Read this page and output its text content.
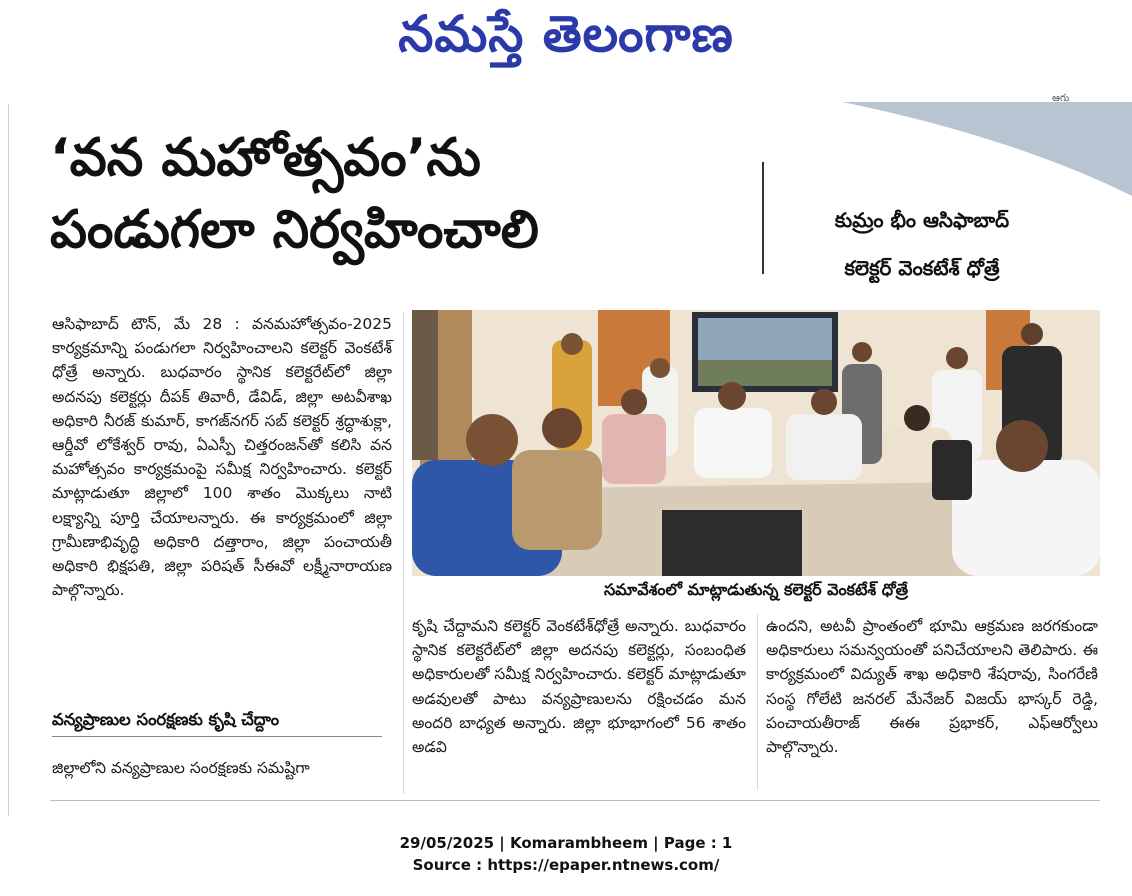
నమస్తే తెలంగాణ
ఆగు
‘వన మహోత్సవం’ను
పండుగలా నిర్వహించాలి	కుమ్రం భీం ఆసిఫాబాద్
కలెక్టర్ వెంకటేశ్ ధోత్రే
ఆసిఫాబాద్ టౌన్, మే 28 : వనమహోత్సవం-2025 కార్యక్రమాన్ని పండుగలా నిర్వహించాలని కలెక్టర్ వెంకటేశ్ ధోత్రే అన్నారు. బుధవారం స్థానిక కలెక్టరేట్‌లో జిల్లా అదనపు కలెక్టర్లు దీపక్ తివారీ, డేవిడ్, జిల్లా అటవీశాఖ అధికారి నీరజ్ కుమార్, కాగజ్‌నగర్ సబ్ కలెక్టర్ శ్రద్ధాశుక్లా, ఆర్డీవో లోకేశ్వర్ రావు, ఏఎస్పీ చిత్తరంజన్‌తో కలిసి వన మహోత్సవం కార్యక్రమంపై సమీక్ష నిర్వహించారు. కలెక్టర్ మాట్లాడుతూ జిల్లాలో 100 శాతం మొక్కలు నాటి లక్ష్యాన్ని పూర్తి చేయాలన్నారు. ఈ కార్యక్రమంలో జిల్లా గ్రామీణాభివృద్ధి అధికారి దత్తారాం, జిల్లా పంచాయతీ అధికారి భిక్షపతి, జిల్లా పరిషత్ సీఈవో లక్ష్మీనారాయణ పాల్గొన్నారు.
వన్యప్రాణుల సంరక్షణకు కృషి చేద్దాం
జిల్లాలోని వన్యప్రాణుల సంరక్షణకు సమష్టిగా
సమావేశంలో మాట్లాడుతున్న కలెక్టర్ వెంకటేశ్ ధోత్రే
కృషి చేద్దామని కలెక్టర్ వెంకటేశ్‌ధోత్రే అన్నారు. బుధవారం స్థానిక కలెక్టరేట్‌లో జిల్లా అదనపు కలెక్టర్లు, సంబంధిత అధికారులతో సమీక్ష నిర్వహించారు. కలెక్టర్ మాట్లాడుతూ అడవులతో పాటు వన్యప్రాణులను రక్షించడం మన అందరి బాధ్యత అన్నారు. జిల్లా భూభాగంలో 56 శాతం అడవి
ఉందని, అటవీ ప్రాంతంలో భూమి ఆక్రమణ జరగకుండా అధికారులు సమన్వయంతో పనిచేయాలని తెలిపారు. ఈ కార్యక్రమంలో విద్యుత్ శాఖ అధికారి శేషరావు, సింగరేణి సంస్థ గోలేటి జనరల్ మేనేజర్ విజయ్ భాస్కర్ రెడ్డి, పంచాయతీరాజ్ ఈఈ ప్రభాకర్, ఎఫ్ఆర్వోలు పాల్గొన్నారు.
29/05/2025 | Komarambheem | Page : 1
Source : https://epaper.ntnews.com/
